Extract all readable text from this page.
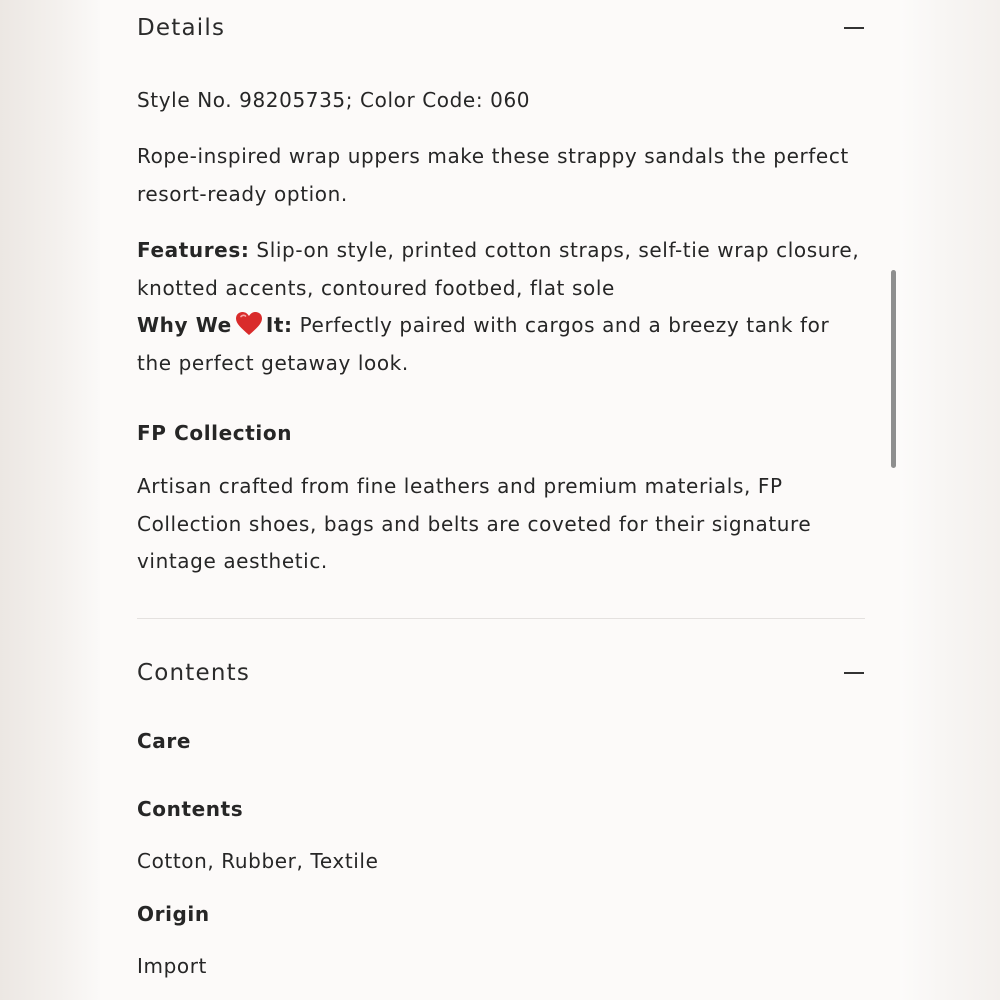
Details

Style No. 98205735; Color Code: 060

Rope-inspired wrap uppers make these strappy sandals the perfect
resort-ready option.

Features: Slip-on style, printed cotton straps, self-tie wrap closure,
knotted accents, contoured footbed, flat sole
Why We It: Perfectly paired with cargos and a breezy tank for
the perfect getaway look.

FP Collection

Artisan crafted from fine leathers and premium materials, FP
Collection shoes, bags and belts are coveted for their signature
vintage aesthetic.

Contents

Care

Contents

Cotton, Rubber, Textile

Origin

Import
